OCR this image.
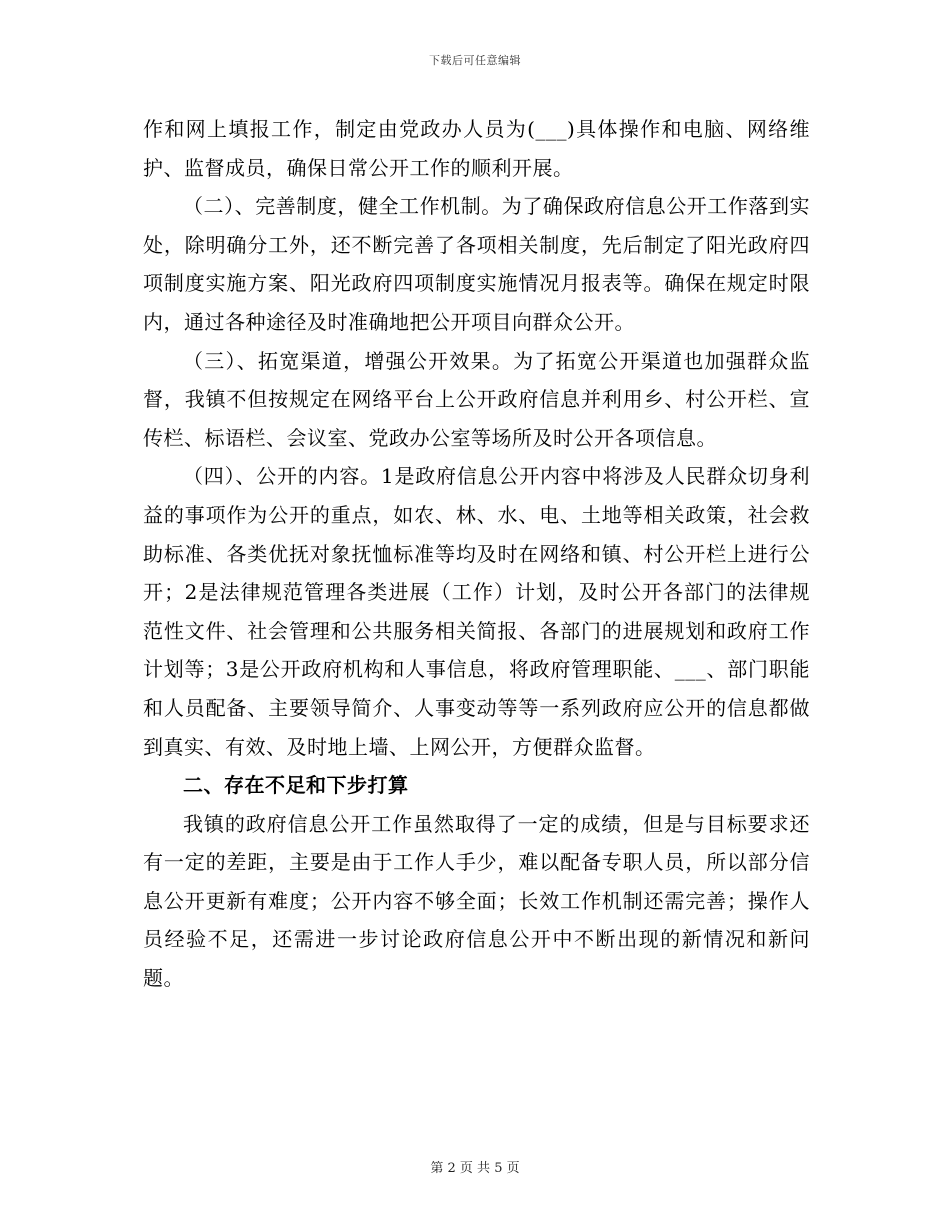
下载后可任意编辑

作和网上填报工作，制定由党政办人员为(___)具体操作和电脑、网络维护、监督成员，确保日常公开工作的顺利开展。

（二）、完善制度，健全工作机制。为了确保政府信息公开工作落到实处，除明确分工外，还不断完善了各项相关制度，先后制定了阳光政府四项制度实施方案、阳光政府四项制度实施情况月报表等。确保在规定时限内，通过各种途径及时准确地把公开项目向群众公开。

（三）、拓宽渠道，增强公开效果。为了拓宽公开渠道也加强群众监督，我镇不但按规定在网络平台上公开政府信息并利用乡、村公开栏、宣传栏、标语栏、会议室、党政办公室等场所及时公开各项信息。

（四）、公开的内容。1是政府信息公开内容中将涉及人民群众切身利益的事项作为公开的重点，如农、林、水、电、土地等相关政策，社会救助标准、各类优抚对象抚恤标准等均及时在网络和镇、村公开栏上进行公开；2是法律规范管理各类进展（工作）计划，及时公开各部门的法律规范性文件、社会管理和公共服务相关简报、各部门的进展规划和政府工作计划等；3是公开政府机构和人事信息，将政府管理职能、___、部门职能和人员配备、主要领导简介、人事变动等等一系列政府应公开的信息都做到真实、有效、及时地上墙、上网公开，方便群众监督。

二、存在不足和下步打算

我镇的政府信息公开工作虽然取得了一定的成绩，但是与目标要求还有一定的差距，主要是由于工作人手少，难以配备专职人员，所以部分信息公开更新有难度；公开内容不够全面；长效工作机制还需完善；操作人员经验不足，还需进一步讨论政府信息公开中不断出现的新情况和新问题。

第 2 页 共 5 页
